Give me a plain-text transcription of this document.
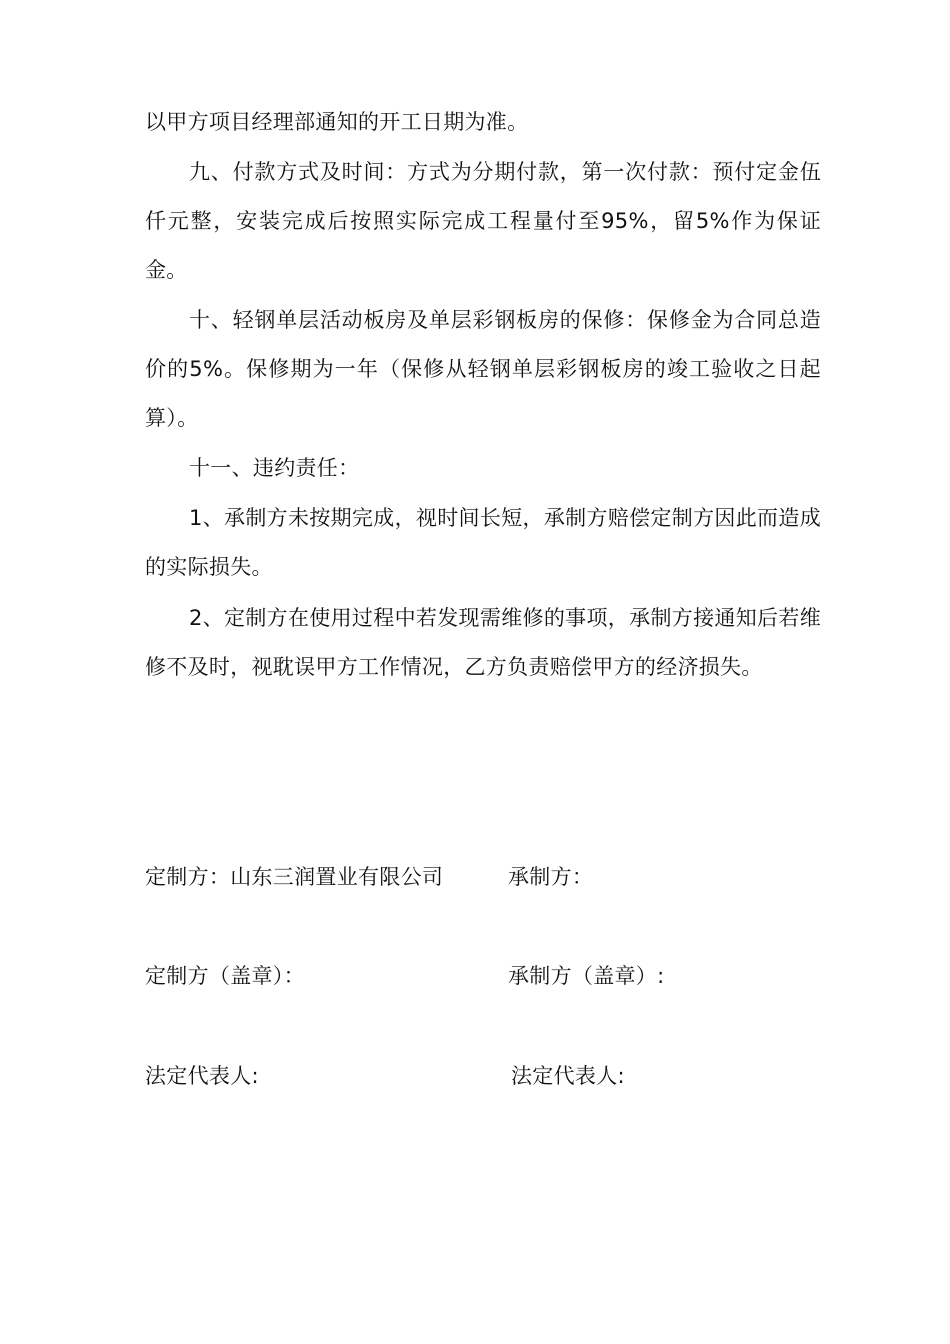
以甲方项目经理部通知的开工日期为准。

九、付款方式及时间：方式为分期付款，第一次付款：预付定金伍仟元整，安装完成后按照实际完成工程量付至95%，留5%作为保证金。

十、轻钢单层活动板房及单层彩钢板房的保修：保修金为合同总造价的5%。保修期为一年（保修从轻钢单层彩钢板房的竣工验收之日起算）。

十一、违约责任：

1、承制方未按期完成，视时间长短，承制方赔偿定制方因此而造成的实际损失。

2、定制方在使用过程中若发现需维修的事项，承制方接通知后若维修不及时，视耽误甲方工作情况，乙方负责赔偿甲方的经济损失。

定制方：山东三润置业有限公司	承制方：
定制方（盖章）：	承制方（盖章）:
法定代表人:	法定代表人:
